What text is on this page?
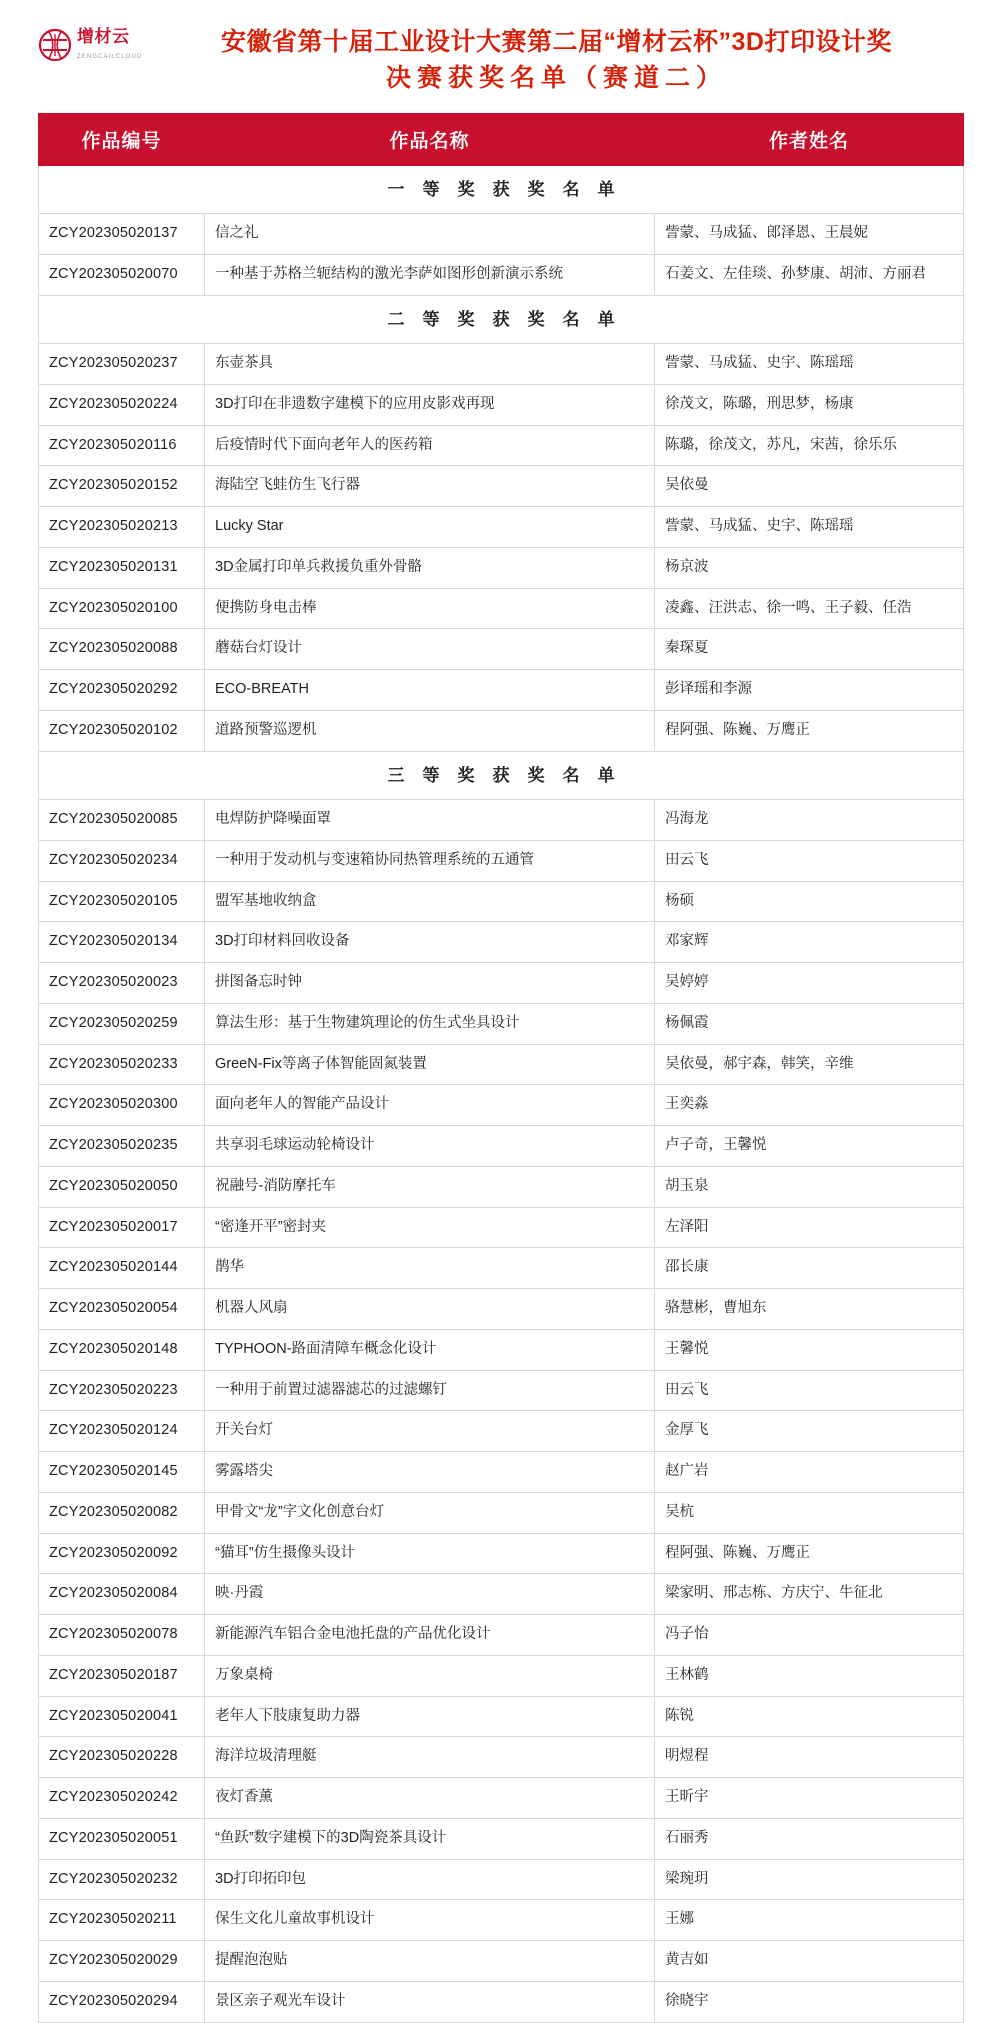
增材云
ZENGCAILCLOUD
安徽省第十届工业设计大赛第二届“增材云杯”3D打印设计奖
决赛获奖名单（赛道二）
作品编号	作品名称	作者姓名
一等奖获奖名单		
ZCY202305020137	信之礼	訾蒙、马成猛、郎泽恩、王晨妮
ZCY202305020070	一种基于苏格兰轭结构的激光李萨如图形创新演示系统	石姜文、左佳琰、孙梦康、胡沛、方丽君
二等奖获奖名单		
ZCY202305020237	东壶茶具	訾蒙、马成猛、史宇、陈瑶瑶
ZCY202305020224	3D打印在非遗数字建模下的应用皮影戏再现	徐茂文，陈璐，刑思梦，杨康
ZCY202305020116	后疫情时代下面向老年人的医药箱	陈璐，徐茂文，苏凡，宋茜，徐乐乐
ZCY202305020152	海陆空飞蛙仿生飞行器	吴依曼
ZCY202305020213	Lucky Star	訾蒙、马成猛、史宇、陈瑶瑶
ZCY202305020131	3D金属打印单兵救援负重外骨骼	杨京波
ZCY202305020100	便携防身电击棒	凌鑫、汪洪志、徐一鸣、王子毅、任浩
ZCY202305020088	蘑菇台灯设计	秦琛夏
ZCY202305020292	ECO-BREATH	彭译瑶和李源
ZCY202305020102	道路预警巡逻机	程阿强、陈巍、万鹰正
三等奖获奖名单		
ZCY202305020085	电焊防护降噪面罩	冯海龙
ZCY202305020234	一种用于发动机与变速箱协同热管理系统的五通管	田云飞
ZCY202305020105	盟军基地收纳盒	杨硕
ZCY202305020134	3D打印材料回收设备	邓家辉
ZCY202305020023	拼图备忘时钟	吴婷婷
ZCY202305020259	算法生形：基于生物建筑理论的仿生式坐具设计	杨佩霞
ZCY202305020233	GreeN-Fix等离子体智能固氮装置	吴依曼，郝宇森，韩笑，辛维
ZCY202305020300	面向老年人的智能产品设计	王奕淼
ZCY202305020235	共享羽毛球运动轮椅设计	卢子奇，王馨悦
ZCY202305020050	祝融号-消防摩托车	胡玉泉
ZCY202305020017	“密逢开平”密封夹	左泽阳
ZCY202305020144	鹊华	邵长康
ZCY202305020054	机器人风扇	骆慧彬，曹旭东
ZCY202305020148	TYPHOON-路面清障车概念化设计	王馨悦
ZCY202305020223	一种用于前置过滤器滤芯的过滤螺钉	田云飞
ZCY202305020124	开关台灯	金厚飞
ZCY202305020145	雾露塔尖	赵广岩
ZCY202305020082	甲骨文“龙”字文化创意台灯	吴杭
ZCY202305020092	“猫耳”仿生摄像头设计	程阿强、陈巍、万鹰正
ZCY202305020084	映·丹霞	梁家明、邢志栋、方庆宁、牛征北
ZCY202305020078	新能源汽车铝合金电池托盘的产品优化设计	冯子怡
ZCY202305020187	万象桌椅	王林鹤
ZCY202305020041	老年人下肢康复助力器	陈锐
ZCY202305020228	海洋垃圾清理艇	明煜程
ZCY202305020242	夜灯香薰	王昕宇
ZCY202305020051	“鱼跃”数字建模下的3D陶瓷茶具设计	石丽秀
ZCY202305020232	3D打印拓印包	梁琬玥
ZCY202305020211	保生文化儿童故事机设计	王娜
ZCY202305020029	提醒泡泡贴	黄吉如
ZCY202305020294	景区亲子观光车设计	徐晓宇
